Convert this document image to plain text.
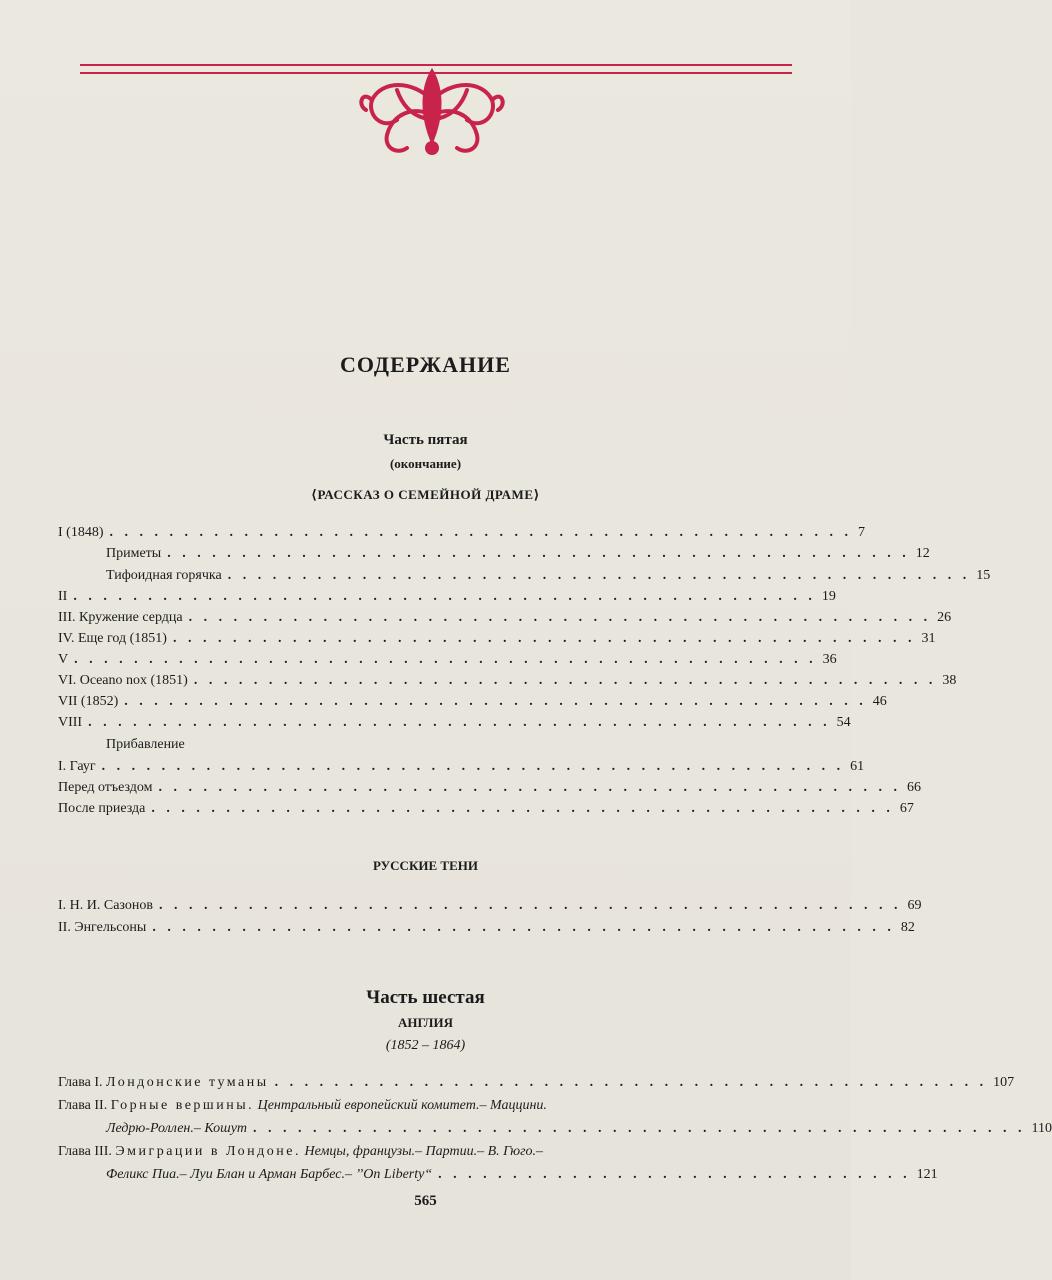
СОДЕРЖАНИЕ
Часть пятая
(окончание)
⟨РАССКАЗ О СЕМЕЙНОЙ ДРАМЕ⟩
I (1848) . . . . . . . . . . . . . . . . . . . . . . . . . . . . . . . . . . . . . . . . . . . . . . . . . . 7
Приметы . . . . . . . . . . . . . . . . . . . . . . . . . . . . . . . . . . . . . . . . . . . . . . . . . . 12
Тифоидная горячка . . . . . . . . . . . . . . . . . . . . . . . . . . . . . . . . . . . . . . . . . . . . . . . . . . 15
II . . . . . . . . . . . . . . . . . . . . . . . . . . . . . . . . . . . . . . . . . . . . . . . . . . 19
III. Кружение сердца . . . . . . . . . . . . . . . . . . . . . . . . . . . . . . . . . . . . . . . . . . . . . . . . . . 26
IV. Еще год (1851) . . . . . . . . . . . . . . . . . . . . . . . . . . . . . . . . . . . . . . . . . . . . . . . . . . 31
V . . . . . . . . . . . . . . . . . . . . . . . . . . . . . . . . . . . . . . . . . . . . . . . . . . 36
VI. Oceano nox (1851) . . . . . . . . . . . . . . . . . . . . . . . . . . . . . . . . . . . . . . . . . . . . . . . . . . 38
VII (1852) . . . . . . . . . . . . . . . . . . . . . . . . . . . . . . . . . . . . . . . . . . . . . . . . . . 46
VIII . . . . . . . . . . . . . . . . . . . . . . . . . . . . . . . . . . . . . . . . . . . . . . . . . . 54
Прибавление
I. Гауг . . . . . . . . . . . . . . . . . . . . . . . . . . . . . . . . . . . . . . . . . . . . . . . . . . 61
Перед отъездом . . . . . . . . . . . . . . . . . . . . . . . . . . . . . . . . . . . . . . . . . . . . . . . . . . 66
После приезда . . . . . . . . . . . . . . . . . . . . . . . . . . . . . . . . . . . . . . . . . . . . . . . . . . 67
РУССКИЕ ТЕНИ
I. Н. И. Сазонов . . . . . . . . . . . . . . . . . . . . . . . . . . . . . . . . . . . . . . . . . . . . . . . . . . 69
II. Энгельсоны . . . . . . . . . . . . . . . . . . . . . . . . . . . . . . . . . . . . . . . . . . . . . . . . . . 82
Часть шестая
АНГЛИЯ
(1852 – 1864)
Глава I.
Лондонские туманы . . . . . . . . . . . . . . . . . . . . . . . . . . . . . . . . . . . . . . . . . . . . . . . . 107
Глава II.
Горные вершины.
Центральный европейский комитет.– Маццини.
Ледрю-Роллен.– Кошут . . . . . . . . . . . . . . . . . . . . . . . . . . . . . . . . . . . . . . . . . . . . . . . . . . . . 110
Глава III.
Эмиграции в Лондоне.
Немцы, французы.– Партии.– В. Гюго.–
Феликс Пиа.– Луи Блан и Арман Барбес.– ’’On Liberty“ . . . . . . . . . . . . . . . . . . . . . . . . . . . . . . . . 121
565
